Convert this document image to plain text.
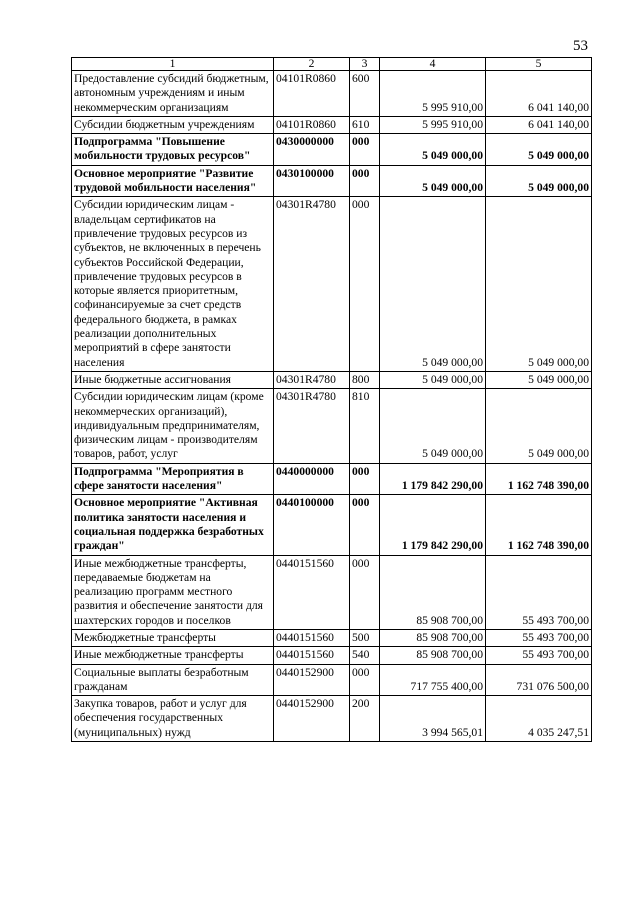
53
1	2	3	4	5
Предоставление субсидий бюджетным, автономным учреждениям и иным некоммерческим организациям	04101R0860	600	5 995 910,00	6 041 140,00
Субсидии бюджетным учреждениям	04101R0860	610	5 995 910,00	6 041 140,00
Подпрограмма "Повышение мобильности трудовых ресурсов"	0430000000	000	5 049 000,00	5 049 000,00
Основное мероприятие "Развитие трудовой мобильности населения"	0430100000	000	5 049 000,00	5 049 000,00
Субсидии юридическим лицам - владельцам сертификатов на привлечение трудовых ресурсов из субъектов, не включенных в перечень субъектов Российской Федерации, привлечение трудовых ресурсов в которые является приоритетным, софинансируемые за счет средств федерального бюджета, в рамках реализации дополнительных мероприятий в сфере занятости населения	04301R4780	000	5 049 000,00	5 049 000,00
Иные бюджетные ассигнования	04301R4780	800	5 049 000,00	5 049 000,00
Субсидии юридическим лицам (кроме некоммерческих организаций), индивидуальным предпринимателям, физическим лицам - производителям товаров, работ, услуг	04301R4780	810	5 049 000,00	5 049 000,00
Подпрограмма "Мероприятия в сфере занятости населения"	0440000000	000	1 179 842 290,00	1 162 748 390,00
Основное мероприятие "Активная политика занятости населения и социальная поддержка безработных граждан"	0440100000	000	1 179 842 290,00	1 162 748 390,00
Иные межбюджетные трансферты, передаваемые бюджетам на реализацию программ местного развития и обеспечение занятости для шахтерских городов и поселков	0440151560	000	85 908 700,00	55 493 700,00
Межбюджетные трансферты	0440151560	500	85 908 700,00	55 493 700,00
Иные межбюджетные трансферты	0440151560	540	85 908 700,00	55 493 700,00
Социальные выплаты безработным гражданам	0440152900	000	717 755 400,00	731 076 500,00
Закупка товаров, работ и услуг для обеспечения государственных (муниципальных) нужд	0440152900	200	3 994 565,01	4 035 247,51
